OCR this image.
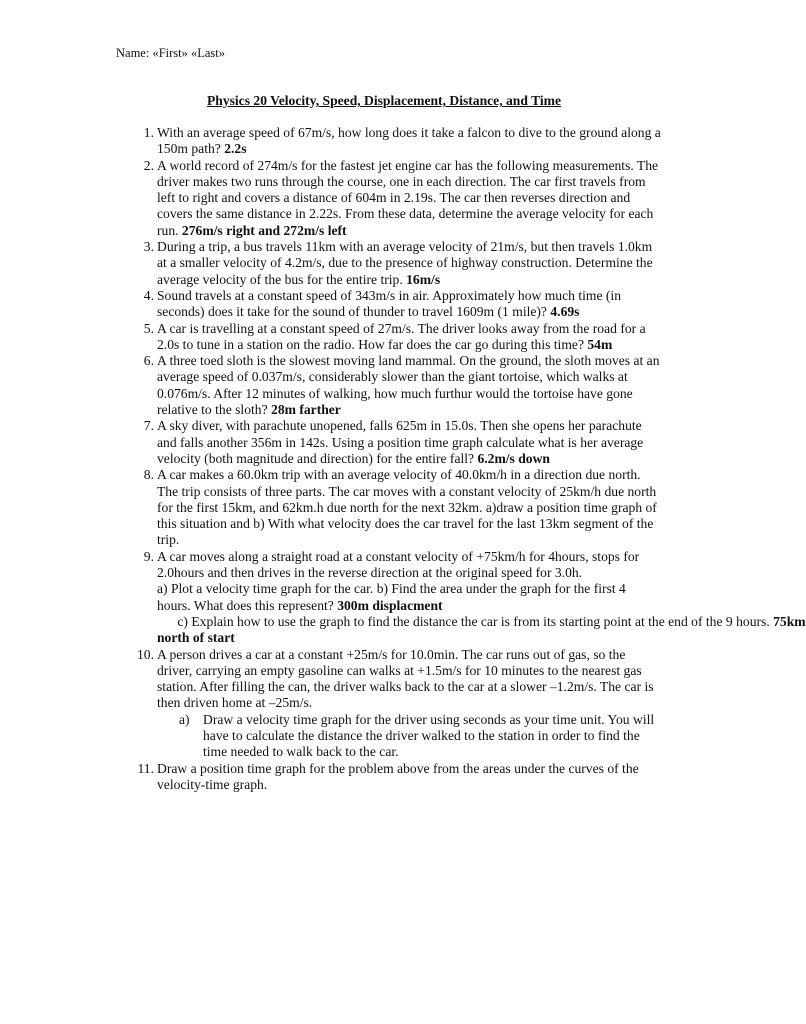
Name: «First» «Last»
Physics 20 Velocity, Speed, Displacement, Distance, and Time
1. With an average speed of 67m/s, how long does it take a falcon to dive to the ground along a 150m path? 2.2s
2. A world record of 274m/s for the fastest jet engine car has the following measurements. The driver makes two runs through the course, one in each direction. The car first travels from left to right and covers a distance of 604m in 2.19s. The car then reverses direction and covers the same distance in 2.22s. From these data, determine the average velocity for each run. 276m/s right and 272m/s left
3. During a trip, a bus travels 11km with an average velocity of 21m/s, but then travels 1.0km at a smaller velocity of 4.2m/s, due to the presence of highway construction. Determine the average velocity of the bus for the entire trip. 16m/s
4. Sound travels at a constant speed of 343m/s in air. Approximately how much time (in seconds) does it take for the sound of thunder to travel 1609m (1 mile)? 4.69s
5. A car is travelling at a constant speed of 27m/s. The driver looks away from the road for a 2.0s to tune in a station on the radio. How far does the car go during this time? 54m
6. A three toed sloth is the slowest moving land mammal. On the ground, the sloth moves at an average speed of 0.037m/s, considerably slower than the giant tortoise, which walks at 0.076m/s. After 12 minutes of walking, how much furthur would the tortoise have gone relative to the sloth? 28m farther
7. A sky diver, with parachute unopened, falls 625m in 15.0s. Then she opens her parachute and falls another 356m in 142s. Using a position time graph calculate what is her average velocity (both magnitude and direction) for the entire fall? 6.2m/s down
8. A car makes a 60.0km trip with an average velocity of 40.0km/h in a direction due north. The trip consists of three parts. The car moves with a constant velocity of 25km/h due north for the first 15km, and 62km.h due north for the next 32km. a)draw a position time graph of this situation and b) With what velocity does the car travel for the last 13km segment of the trip.
9. A car moves along a straight road at a constant velocity of +75km/h for 4hours, stops for 2.0hours and then drives in the reverse direction at the original speed for 3.0h.
a) Plot a velocity time graph for the car. b) Find the area under the graph for the first 4 hours. What does this represent? 300m displacment      c) Explain how to use the graph to find the distance the car is from its starting point at the end of the 9 hours. 75km north of start
10. A person drives a car at a constant +25m/s for 10.0min. The car runs out of gas, so the driver, carrying an empty gasoline can walks at +1.5m/s for 10 minutes to the nearest gas station. After filling the can, the driver walks back to the car at a slower –1.2m/s. The car is then driven home at –25m/s.
a) Draw a velocity time graph for the driver using seconds as your time unit. You will have to calculate the distance the driver walked to the station in order to find the time needed to walk back to the car.
11. Draw a position time graph for the problem above from the areas under the curves of the velocity-time graph.
